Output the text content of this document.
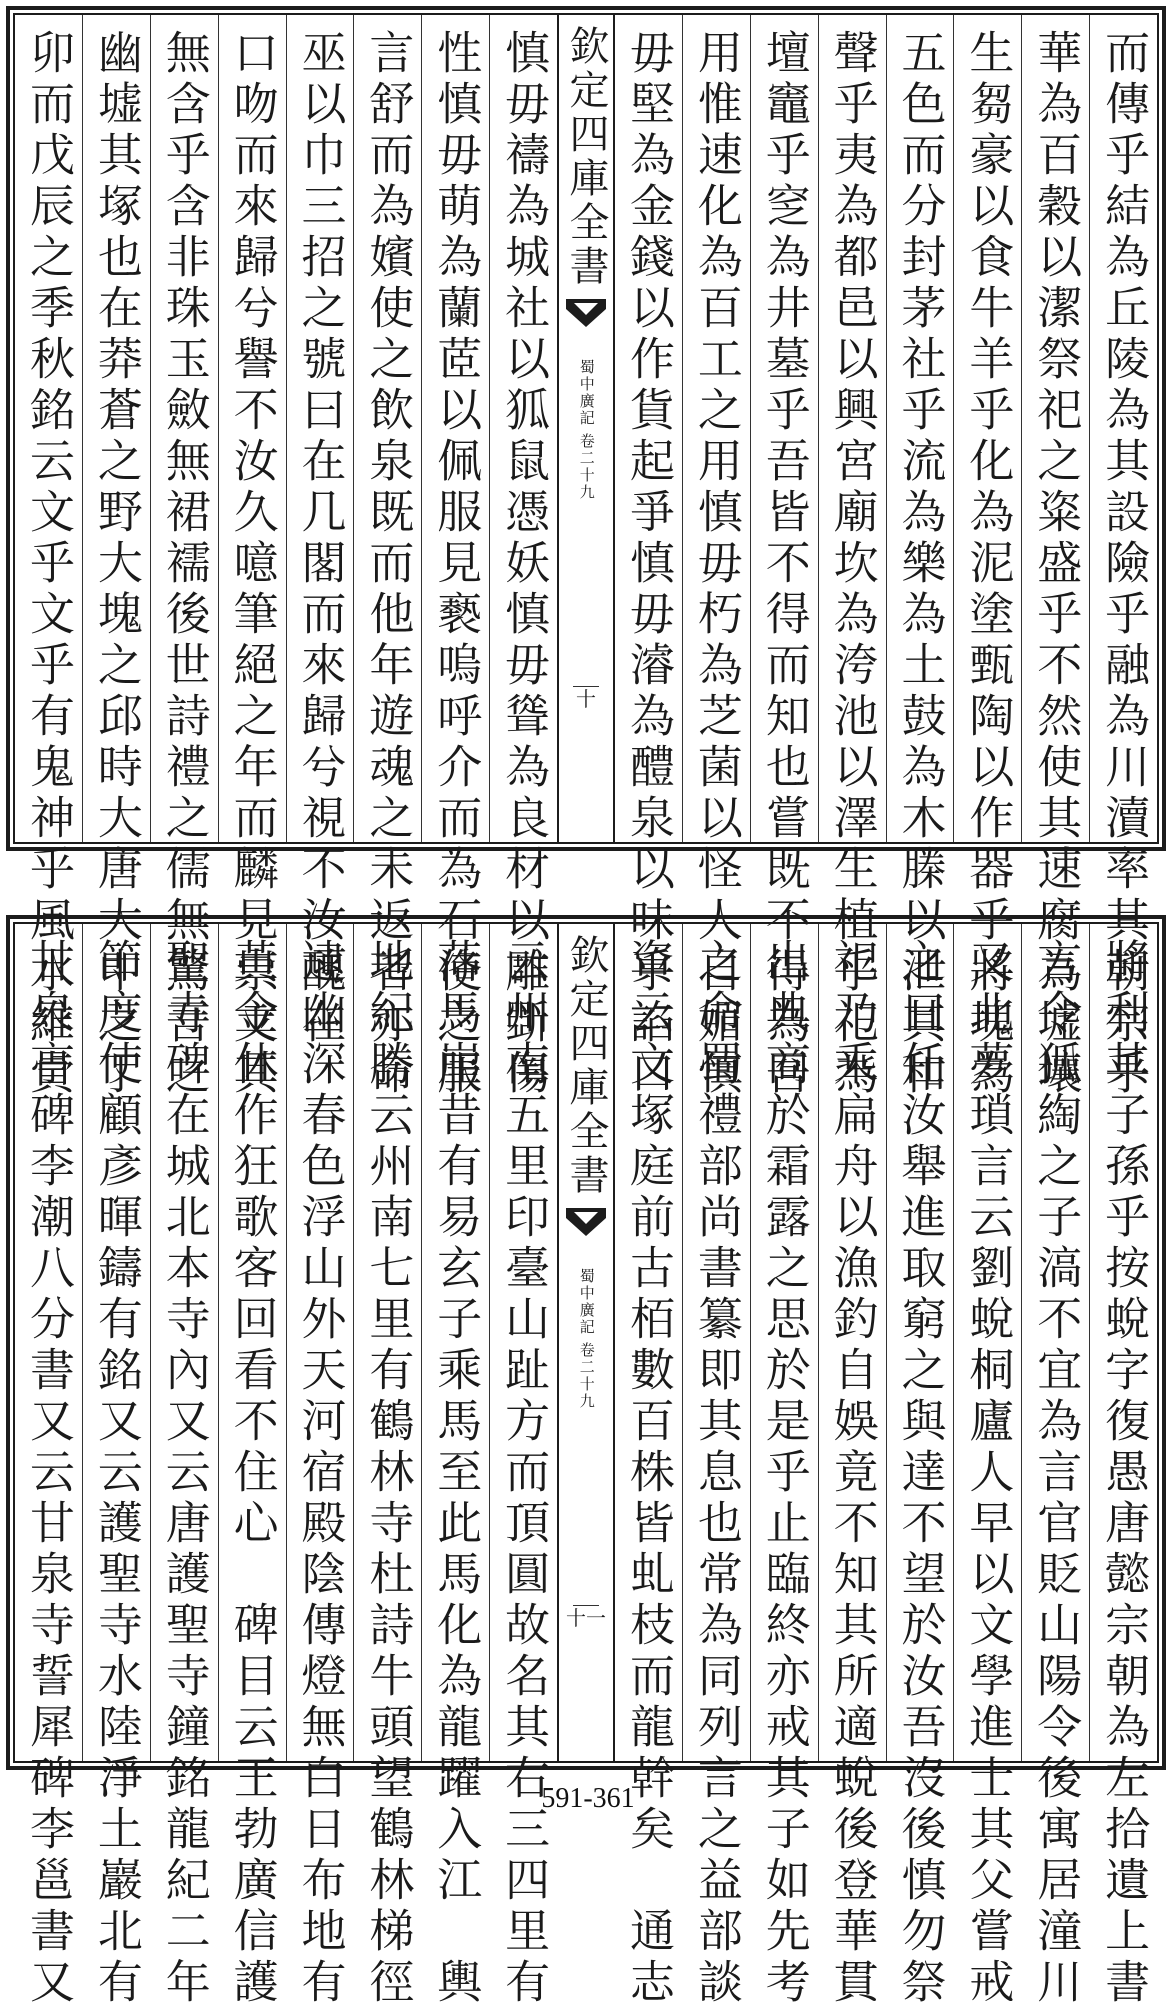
而傳乎結為丘陵為其設險乎融為川瀆率其朝宗乎
華為百穀以潔祭祀之粢盛乎不然使其速腐為墟壤
生芻豪以食牛羊乎化為泥塗甄陶以作器乎將塊為
五色而分封茅社乎流為樂為土鼓為木榺以泄其和
聲乎夷為都邑以興宮廟坎為洿池以澤生植乎祀為
壇竈乎窆為井墓乎吾皆不得而知也嘗既不得為吾
用惟速化為百工之用慎毋朽為芝菌以怪人自媚慎
毋堅為金錢以作貨起爭慎毋濬為醴泉以味乎諂口
欽定四庫全書
蜀中廣記
卷二十九
十
慎毋禱為城社以狐鼠憑妖慎毋聳為良材以雕斲傷
性慎毋萌為蘭茝以佩服見褻嗚呼介而為石使之服
言舒而為嬪使之飲泉既而他年遊魂之未返者亦命
巫以巾三招之號曰在几閣而來歸兮視不汝醜在
口吻而來歸兮譽不汝久噫筆絕之年而麟見祟文其
無含乎含非珠玉斂無裙襦後世詩禮之儒無驚吾之
幽墟其塚也在莽蒼之野大塊之邱時大唐大中之丁
卯而戊辰之季秋銘云文乎文乎有鬼神乎風水維貞
將利其子孫乎按蛻字復愚唐懿宗朝為左拾遺上書
言令狐綯之子滈不宜為言官貶山陽令後寓居潼川
又北夢瑣言云劉蛻桐廬人早以文學進士其父嘗戒
之曰任汝舉進取窮之與達不望於汝吾沒後慎勿祭
祀乃乘扁舟以漁釣自娛竟不知其所適蛻後登華貫
出典商於霜露之思於是乎止臨終亦戒其子如先考
之命蜀禮部尚書纂即其息也常為同列言之益部談
資云文塚庭前古栢數百株皆虬枝而龍幹矣　通志
欽定四庫全書
蜀中廣記
卷二十九
十一
云州南五里印臺山趾方而頂圓故名其右三四里有
落馬崖昔有易玄子乘馬至此馬化為龍躍入江　輿
地紀勝云州南七里有鶴林寺杜詩牛頭望鶴林梯徑
逮幽深春色浮山外天河宿殿陰傳燈無白日布地有
黃金休作狂歌客回看不住心　碑目云王勃廣信護
聖寺碑在城北本寺內又云唐護聖寺鐘銘龍紀二年
節度使顧彥暉鑄有銘又云護聖寺水陸淨土巖北有
甘泉亭碑李潮八分書又云甘泉寺誓犀碑李邕書又	591-361
